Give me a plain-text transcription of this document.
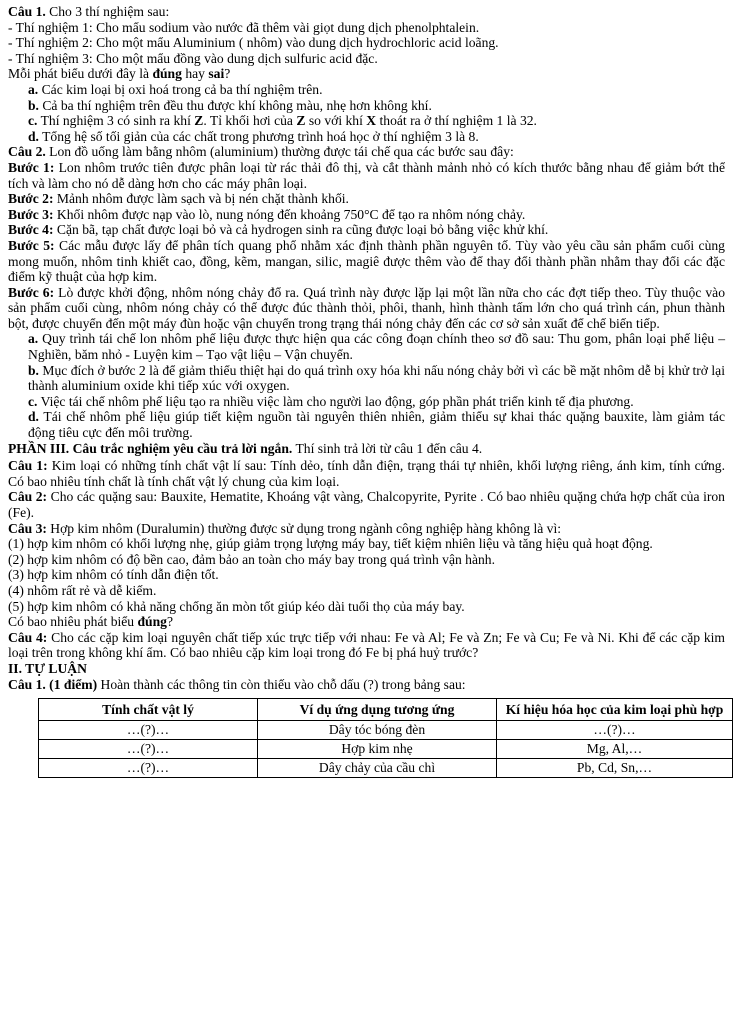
Câu 1. Cho 3 thí nghiệm sau:

- Thí nghiệm 1: Cho mẩu sodium vào nước đã thêm vài giọt dung dịch phenolphtalein.

- Thí nghiệm 2: Cho một mẩu Aluminium ( nhôm) vào dung dịch hydrochloric acid loãng.

- Thí nghiệm 3: Cho một mẩu đồng vào dung dịch sulfuric acid đặc.

Mỗi phát biểu dưới đây là đúng hay sai?

a. Các kim loại bị oxi hoá trong cả ba thí nghiệm trên.

b. Cả ba thí nghiệm trên đều thu được khí không màu, nhẹ hơn không khí.

c. Thí nghiệm 3 có sinh ra khí Z. Tỉ khối hơi của Z so với khí X thoát ra ở thí nghiệm 1 là 32.

d. Tổng hệ số tối giản của các chất trong phương trình hoá học ở thí nghiệm 3 là 8.

Câu 2. Lon đồ uống làm bằng nhôm (aluminium) thường được tái chế qua các bước sau đây:

Bước 1: Lon nhôm trước tiên được phân loại từ rác thải đô thị, và cắt thành mảnh nhỏ có kích thước bằng nhau để giảm bớt thể tích và làm cho nó dễ dàng hơn cho các máy phân loại.

Bước 2: Mảnh nhôm được làm sạch và bị nén chặt thành khối.

Bước 3: Khối nhôm được nạp vào lò, nung nóng đến khoảng 750°C để tạo ra nhôm nóng chảy.

Bước 4: Cặn bã, tạp chất được loại bỏ và cả hydrogen sinh ra cũng được loại bỏ bằng việc khử khí.

Bước 5: Các mẫu được lấy để phân tích quang phổ nhằm xác định thành phần nguyên tố. Tùy vào yêu cầu sản phẩm cuối cùng mong muốn, nhôm tinh khiết cao, đồng, kẽm, mangan, silic, magiê được thêm vào để thay đổi thành phần nhằm thay đổi các đặc điểm kỹ thuật của hợp kim.

Bước 6: Lò được khởi động, nhôm nóng chảy đổ ra. Quá trình này được lặp lại một lần nữa cho các đợt tiếp theo. Tùy thuộc vào sản phẩm cuối cùng, nhôm nóng chảy có thể được đúc thành thỏi, phôi, thanh, hình thành tấm lớn cho quá trình cán, phun thành bột, được chuyển đến một máy đùn hoặc vận chuyển trong trạng thái nóng chảy đến các cơ sở sản xuất để chế biến tiếp.

a. Quy trình tái chế lon nhôm phế liệu được thực hiện qua các công đoạn chính theo sơ đồ sau: Thu gom, phân loại phế liệu – Nghiền, băm nhỏ - Luyện kim – Tạo vật liệu – Vận chuyển.

b. Mục đích ở bước 2 là để giảm thiểu thiệt hại do quá trình oxy hóa khi nấu nóng chảy bởi vì các bề mặt nhôm dễ bị khử trở lại thành aluminium oxide khi tiếp xúc với oxygen.

c. Việc tái chế nhôm phế liệu tạo ra nhiều việc làm cho người lao động, góp phần phát triển kinh tế địa phương.

d. Tái chế nhôm phế liệu giúp tiết kiệm nguồn tài nguyên thiên nhiên, giảm thiểu sự khai thác quặng bauxite, làm giảm tác động tiêu cực đến môi trường.

PHẦN III. Câu trắc nghiệm yêu cầu trả lời ngắn. Thí sinh trả lời từ câu 1 đến câu 4.

Câu 1: Kim loại có những tính chất vật lí sau: Tính dẻo, tính dẫn điện, trạng thái tự nhiên, khối lượng riêng, ánh kim, tính cứng. Có bao nhiêu tính chất là tính chất vật lý chung của kim loại.

Câu 2: Cho các quặng sau: Bauxite, Hematite, Khoáng vật vàng, Chalcopyrite, Pyrite . Có bao nhiêu quặng chứa hợp chất của iron (Fe).

Câu 3: Hợp kim nhôm (Duralumin) thường được sử dụng trong ngành công nghiệp hàng không là vì:

(1) hợp kim nhôm có khối lượng nhẹ, giúp giảm trọng lượng máy bay, tiết kiệm nhiên liệu và tăng hiệu quả hoạt động.

(2) hợp kim nhôm có độ bền cao, đảm bảo an toàn cho máy bay trong quá trình vận hành.

(3) hợp kim nhôm có tính dẫn điện tốt.

(4) nhôm rất rẻ và dễ kiếm.

(5) hợp kim nhôm có khả năng chống ăn mòn tốt giúp kéo dài tuổi thọ của máy bay.

Có bao nhiêu phát biểu đúng?

Câu 4: Cho các cặp kim loại nguyên chất tiếp xúc trực tiếp với nhau: Fe và Al; Fe và Zn; Fe và Cu; Fe và Ni. Khi để các cặp kim loại trên trong không khí ẩm. Có bao nhiêu cặp kim loại trong đó Fe bị phá huỷ trước?

II. TỰ LUẬN

Câu 1. (1 điểm) Hoàn thành các thông tin còn thiếu vào chỗ dấu (?) trong bảng sau:

Tính chất vật lý	Ví dụ ứng dụng tương ứng	Kí hiệu hóa học của kim loại phù hợp
…(?)…	Dây tóc bóng đèn	…(?)…
…(?)…	Hợp kim nhẹ	Mg, Al,…
…(?)…	Dây chảy của cầu chì	Pb, Cd, Sn,…
